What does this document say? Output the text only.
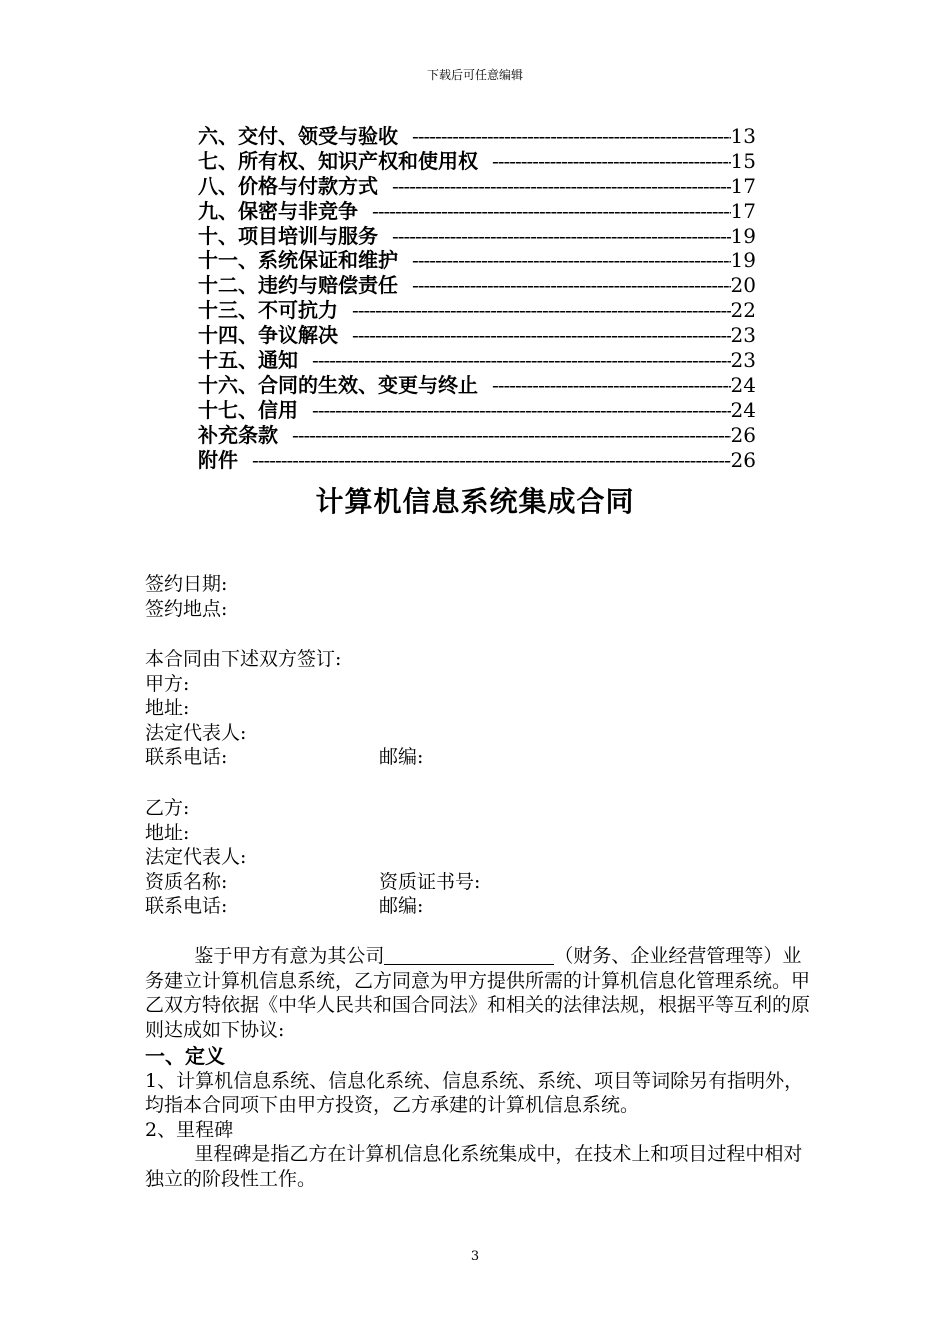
下载后可任意编辑
六、交付、领受与验收 -----	13
七、所有权、知识产权和使用权 -----	15
八、价格与付款方式 -----	17
九、保密与非竞争 -----	17
十、项目培训与服务 -----	19
十一、系统保证和维护 -----	19
十二、违约与赔偿责任 -----	20
十三、不可抗力 -----	22
十四、争议解决 -----	23
十五、通知 -----	23
十六、合同的生效、变更与终止 -----	24
十七、信用 -----	24
补充条款 -----	26
附件 -----	26
计算机信息系统集成合同
签约日期:
签约地点:
本合同由下述双方签订:
甲方:
地址:
法定代表人:
联系电话:	邮编:
乙方:
地址:
法定代表人:
资质名称:	资质证书号:
联系电话:	邮编:
鉴于甲方有意为其公司	（财务、企业经营管理等）业务建立计算机信息系统，乙方同意为甲方提供所需的计算机信息化管理系统。甲乙双方特依据《中华人民共和国合同法》和相关的法律法规，根据平等互利的原则达成如下协议:
一、定义
1、计算机信息系统、信息化系统、信息系统、系统、项目等词除另有指明外，均指本合同项下由甲方投资，乙方承建的计算机信息系统。
2、里程碑
里程碑是指乙方在计算机信息化系统集成中，在技术上和项目过程中相对独立的阶段性工作。
3
